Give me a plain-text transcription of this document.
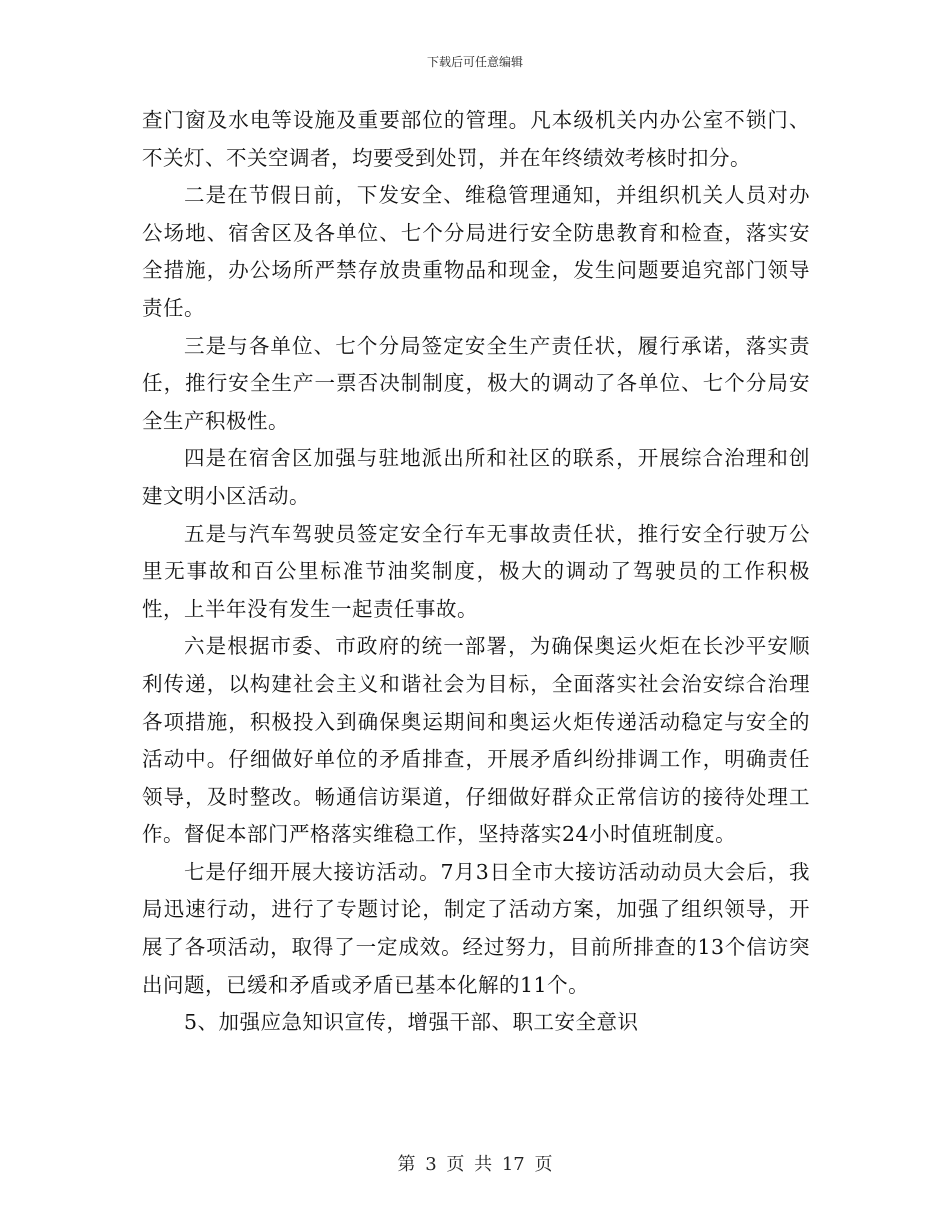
下载后可任意编辑

查门窗及水电等设施及重要部位的管理。凡本级机关内办公室不锁门、不关灯、不关空调者，均要受到处罚，并在年终绩效考核时扣分。

二是在节假日前，下发安全、维稳管理通知，并组织机关人员对办公场地、宿舍区及各单位、七个分局进行安全防患教育和检查，落实安全措施，办公场所严禁存放贵重物品和现金，发生问题要追究部门领导责任。

三是与各单位、七个分局签定安全生产责任状，履行承诺，落实责任，推行安全生产一票否决制制度，极大的调动了各单位、七个分局安全生产积极性。

四是在宿舍区加强与驻地派出所和社区的联系，开展综合治理和创建文明小区活动。

五是与汽车驾驶员签定安全行车无事故责任状，推行安全行驶万公里无事故和百公里标准节油奖制度，极大的调动了驾驶员的工作积极性，上半年没有发生一起责任事故。

六是根据市委、市政府的统一部署，为确保奥运火炬在长沙平安顺利传递，以构建社会主义和谐社会为目标，全面落实社会治安综合治理各项措施，积极投入到确保奥运期间和奥运火炬传递活动稳定与安全的活动中。仔细做好单位的矛盾排查，开展矛盾纠纷排调工作，明确责任领导，及时整改。畅通信访渠道，仔细做好群众正常信访的接待处理工作。督促本部门严格落实维稳工作，坚持落实24小时值班制度。

七是仔细开展大接访活动。7月3日全市大接访活动动员大会后，我局迅速行动，进行了专题讨论，制定了活动方案，加强了组织领导，开展了各项活动，取得了一定成效。经过努力，目前所排查的13个信访突出问题，已缓和矛盾或矛盾已基本化解的11个。

5、加强应急知识宣传，增强干部、职工安全意识

第 3 页 共 17 页
